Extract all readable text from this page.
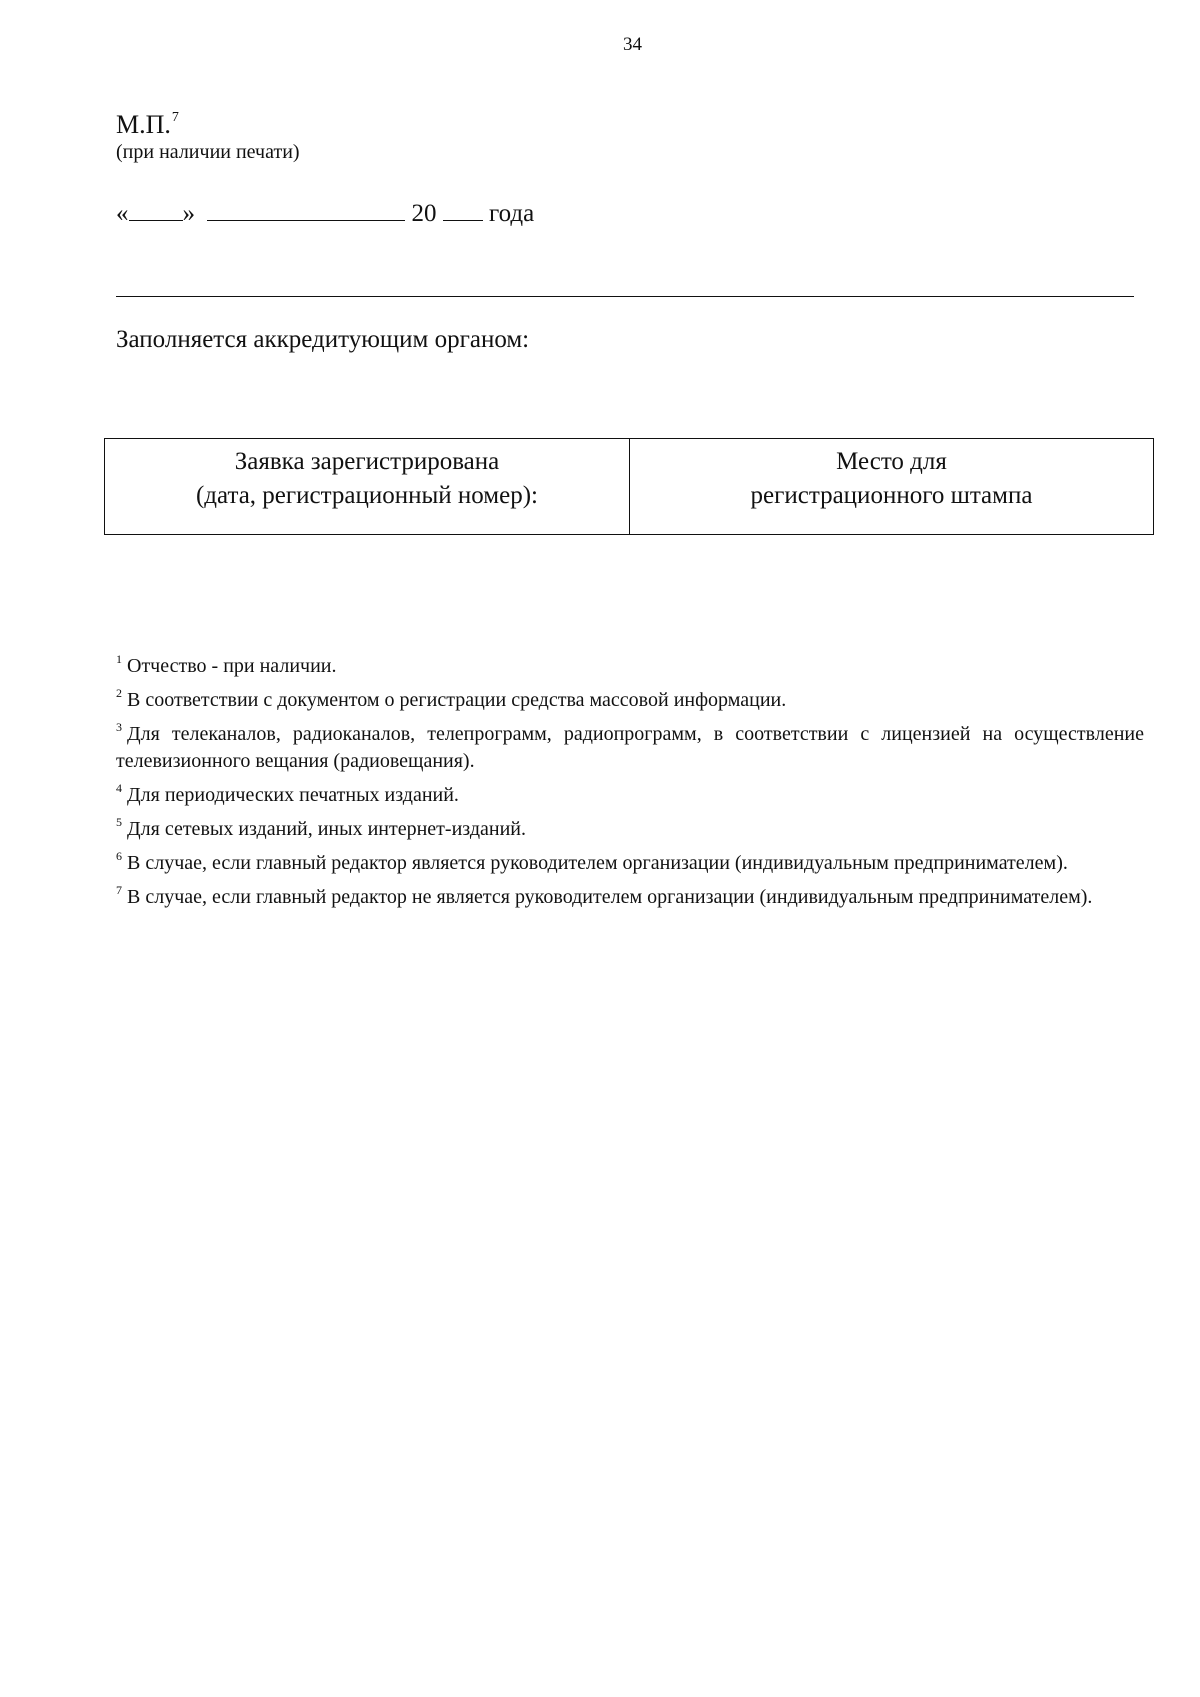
34
М.П.$^7$
(при наличии печати)
« »	20 года
Заполняется аккредитующим органом:
Заявка зарегистрирована
(дата, регистрационный номер):
Место для
регистрационного штампа

$^1$ Отчество - при наличии.

$^2$ В соответствии с документом о регистрации средства массовой информации.

$^3$ Для телеканалов, радиоканалов, телепрограмм, радиопрограмм, в соответствии с лицензией на осуществление телевизионного вещания (радиовещания).

$^4$ Для периодических печатных изданий.

$^5$ Для сетевых изданий, иных интернет-изданий.

$^6$ В случае, если главный редактор является руководителем организации (индивидуальным предпринимателем).

$^7$ В случае, если главный редактор не является руководителем организации (индивидуальным предпринимателем).
